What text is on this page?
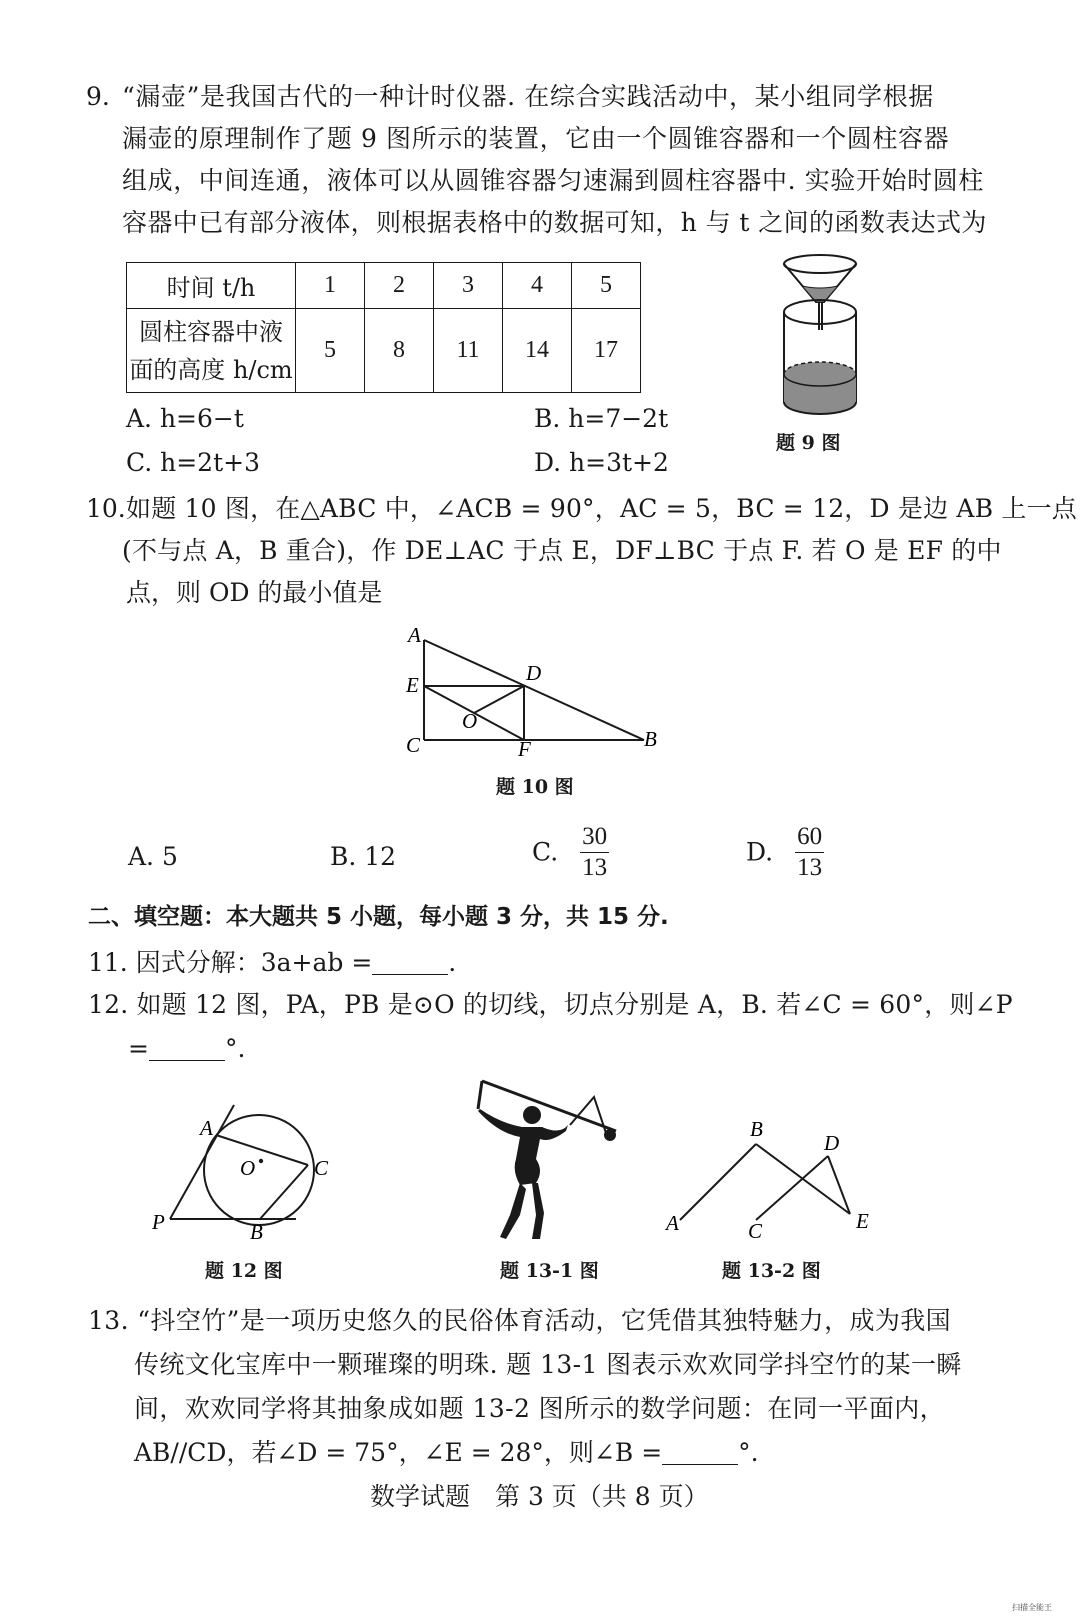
9. “漏壶”是我国古代的一种计时仪器. 在综合实践活动中，某小组同学根据
漏壶的原理制作了题 9 图所示的装置，它由一个圆锥容器和一个圆柱容器
组成，中间连通，液体可以从圆锥容器匀速漏到圆柱容器中. 实验开始时圆柱
容器中已有部分液体，则根据表格中的数据可知，h 与 t 之间的函数表达式为
时间 t/h	1	2	3	4	5

圆柱容器中液
面的高度 h/cm	5	8	11	14	17
题 9 图
A. h=6−t	B. h=7−2t
C. h=2t+3	D. h=3t+2
10. 如题 10 图，在△ABC 中，∠ACB = 90°，AC = 5，BC = 12，D 是边 AB 上一点
(不与点 A，B 重合)，作 DE⊥AC 于点 E，DF⊥BC 于点 F. 若 O 是 EF 的中
点，则 OD 的最小值是
A
E
C
D
O
F	B
题 10 图
A. 5	B. 12	C. $\frac{30}{13}$	D. $\frac{60}{13}$
二、填空题：本大题共 5 小题，每小题 3 分，共 15 分.
11. 因式分解：3a+ab =	.
12. 如题 12 图，PA，PB 是⊙O 的切线，切点分别是 A，B. 若∠C = 60°，则∠P
=	°.
A
O	C
P	B
题 12 图	题 13-1 图
B
D
A	C	E
题 13-2 图
13. “抖空竹”是一项历史悠久的民俗体育活动，它凭借其独特魅力，成为我国
传统文化宝库中一颗璀璨的明珠. 题 13-1 图表示欢欢同学抖空竹的某一瞬
间，欢欢同学将其抽象成如题 13-2 图所示的数学问题：在同一平面内，
AB//CD，若∠D = 75°，∠E = 28°，则∠B =	°.
数学试题　第 3 页（共 8 页）
扫描全能王
